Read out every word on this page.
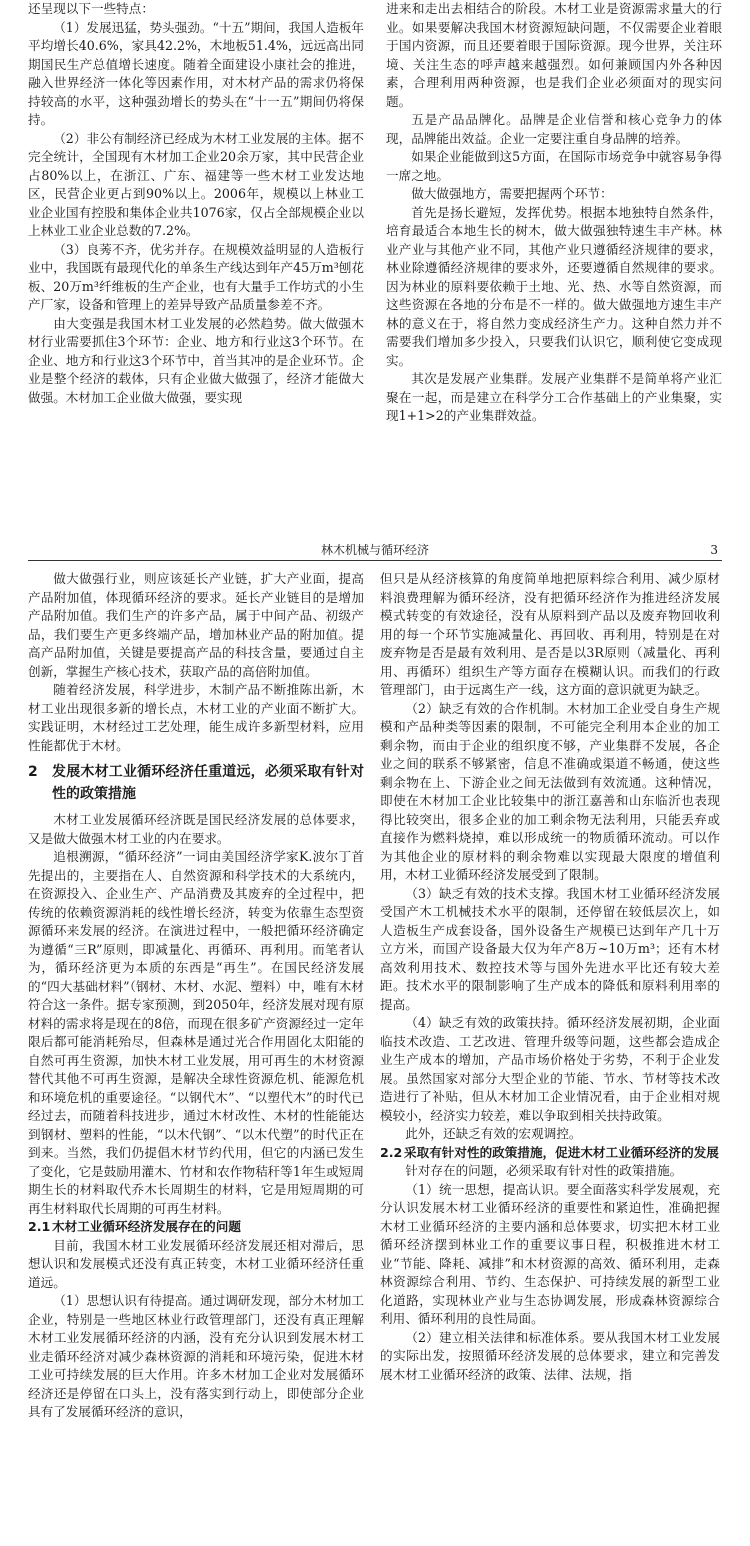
还呈现以下一些特点：

（1）发展迅猛，势头强劲。“十五”期间，我国人造板年平均增长40.6%，家具42.2%，木地板51.4%，远远高出同期国民生产总值增长速度。随着全面建设小康社会的推进，融入世界经济一体化等因素作用，对木材产品的需求仍将保持较高的水平，这种强劲增长的势头在“十一五”期间仍将保持。

（2）非公有制经济已经成为木材工业发展的主体。据不完全统计，全国现有木材加工企业20余万家，其中民营企业占80%以上，在浙江、广东、福建等一些木材工业发达地区，民营企业更占到90%以上。2006年，规模以上林业工业企业国有控股和集体企业共1076家，仅占全部规模企业以上林业工业企业总数的7.2%。

（3）良莠不齐，优劣并存。在规模效益明显的人造板行业中，我国既有最现代化的单条生产线达到年产45万m³刨花板、20万m³纤维板的生产企业，也有大量手工作坊式的小生产厂家，设备和管理上的差异导致产品质量参差不齐。

由大变强是我国木材工业发展的必然趋势。做大做强木材行业需要抓住3个环节：企业、地方和行业这3个环节。在企业、地方和行业这3个环节中，首当其冲的是企业环节。企业是整个经济的载体，只有企业做大做强了，经济才能做大做强。木材加工企业做大做强，要实现

进来和走出去相结合的阶段。木材工业是资源需求量大的行业。如果要解决我国木材资源短缺问题，不仅需要企业着眼于国内资源，而且还要着眼于国际资源。现今世界，关注环境、关注生态的呼声越来越强烈。如何兼顾国内外各种因素，合理利用两种资源，也是我们企业必须面对的现实问题。

五是产品品牌化。品牌是企业信誉和核心竞争力的体现，品牌能出效益。企业一定要注重自身品牌的培养。

如果企业能做到这5方面，在国际市场竞争中就容易争得一席之地。

做大做强地方，需要把握两个环节：

首先是扬长避短，发挥优势。根据本地独特自然条件，培育最适合本地生长的树木，做大做强独特速生丰产林。林业产业与其他产业不同，其他产业只遵循经济规律的要求，林业除遵循经济规律的要求外，还要遵循自然规律的要求。因为林业的原料要依赖于土地、光、热、水等自然资源，而这些资源在各地的分布是不一样的。做大做强地方速生丰产林的意义在于，将自然力变成经济生产力。这种自然力并不需要我们增加多少投入，只要我们认识它，顺利使它变成现实。

其次是发展产业集群。发展产业集群不是简单将产业汇聚在一起，而是建立在科学分工合作基础上的产业集聚，实现1+1>2的产业集群效益。

林木机械与循环经济	3

做大做强行业，则应该延长产业链，扩大产业面，提高产品附加值，体现循环经济的要求。延长产业链目的是增加产品附加值。我们生产的许多产品，属于中间产品、初级产品，我们要生产更多终端产品，增加林业产品的附加值。提高产品附加值，关键是要提高产品的科技含量，要通过自主创新，掌握生产核心技术，获取产品的高倍附加值。

随着经济发展，科学进步，木制产品不断推陈出新，木材工业出现很多新的增长点，木材工业的产业面不断扩大。实践证明，木材经过工艺处理，能生成许多新型材料，应用性能都优于木材。

2	发展木材工业循环经济任重道远，必须采取有针对性的政策措施

木材工业发展循环经济既是国民经济发展的总体要求，又是做大做强木材工业的内在要求。

追根溯源，“循环经济”一词由美国经济学家K.波尔丁首先提出的，主要指在人、自然资源和科学技术的大系统内，在资源投入、企业生产、产品消费及其废弃的全过程中，把传统的依赖资源消耗的线性增长经济，转变为依靠生态型资源循环来发展的经济。在演进过程中，一般把循环经济确定为遵循“三R”原则，即减量化、再循环、再利用。而笔者认为，循环经济更为本质的东西是“再生”。在国民经济发展的“四大基础材料”（钢材、木材、水泥、塑料）中，唯有木材符合这一条件。据专家预测，到2050年，经济发展对现有原材料的需求将是现在的8倍，而现在很多矿产资源经过一定年限后都可能消耗殆尽，但森林是通过光合作用固化太阳能的自然可再生资源，加快木材工业发展，用可再生的木材资源替代其他不可再生资源，是解决全球性资源危机、能源危机和环境危机的重要途径。“以钢代木”、“以塑代木”的时代已经过去，而随着科技进步，通过木材改性、木材的性能能达到钢材、塑料的性能，“以木代钢”、“以木代塑”的时代正在到来。当然，我们仍提倡木材节约代用，但它的内涵已发生了变化，它是鼓励用灌木、竹材和农作物秸秆等1年生或短周期生长的材料取代乔木长周期生的材料，它是用短周期的可再生材料取代长周期的可再生材料。

2.1 木材工业循环经济发展存在的问题

目前，我国木材工业发展循环经济发展还相对滞后，思想认识和发展模式还没有真正转变，木材工业循环经济任重道远。

（1）思想认识有待提高。通过调研发现，部分木材加工企业，特别是一些地区林业行政管理部门，还没有真正理解木材工业发展循环经济的内涵，没有充分认识到发展木材工业走循环经济对减少森林资源的消耗和环境污染，促进木材工业可持续发展的巨大作用。许多木材加工企业对发展循环经济还是停留在口头上，没有落实到行动上，即使部分企业具有了发展循环经济的意识，

但只是从经济核算的角度简单地把原料综合利用、减少原材料浪费理解为循环经济，没有把循环经济作为推进经济发展模式转变的有效途径，没有从原料到产品以及废弃物回收利用的每一个环节实施减量化、再回收、再利用，特别是在对废弃物是否是最有效利用、是否是以3R原则（减量化、再利用、再循环）组织生产等方面存在模糊认识。而我们的行政管理部门，由于远离生产一线，这方面的意识就更为缺乏。

（2）缺乏有效的合作机制。木材加工企业受自身生产规模和产品种类等因素的限制，不可能完全利用本企业的加工剩余物，而由于企业的组织度不够，产业集群不发展，各企业之间的联系不够紧密，信息不准确或渠道不畅通，使这些剩余物在上、下游企业之间无法做到有效流通。这种情况，即使在木材加工企业比较集中的浙江嘉善和山东临沂也表现得比较突出，很多企业的加工剩余物无法利用，只能丢弃或直接作为燃料烧掉，难以形成统一的物质循环流动。可以作为其他企业的原材料的剩余物难以实现最大限度的增值利用，木材工业循环经济发展受到了限制。

（3）缺乏有效的技术支撑。我国木材工业循环经济发展受国产木工机械技术水平的限制，还停留在较低层次上，如人造板生产成套设备，国外设备生产规模已达到年产几十万立方米，而国产设备最大仅为年产8万~10万m³；还有木材高效利用技术、数控技术等与国外先进水平比还有较大差距。技术水平的限制影响了生产成本的降低和原料利用率的提高。

（4）缺乏有效的政策扶持。循环经济发展初期，企业面临技术改造、工艺改进、管理升级等问题，这些都会造成企业生产成本的增加，产品市场价格处于劣势，不利于企业发展。虽然国家对部分大型企业的节能、节水、节材等技术改造进行了补贴，但从木材加工企业情况看，由于企业相对规模较小，经济实力较差，难以争取到相关扶持政策。

此外，还缺乏有效的宏观调控。

2.2 采取有针对性的政策措施，促进木材工业循环经济的发展

针对存在的问题，必须采取有针对性的政策措施。

（1）统一思想，提高认识。要全面落实科学发展观，充分认识发展木材工业循环经济的重要性和紧迫性，准确把握木材工业循环经济的主要内涵和总体要求，切实把木材工业循环经济摆到林业工作的重要议事日程，积极推进木材工业“节能、降耗、减排”和木材资源的高效、循环利用，走森林资源综合利用、节约、生态保护、可持续发展的新型工业化道路，实现林业产业与生态协调发展，形成森林资源综合利用、循环利用的良性局面。

（2）建立相关法律和标准体系。要从我国木材工业发展的实际出发，按照循环经济发展的总体要求，建立和完善发展木材工业循环经济的政策、法律、法规，指
